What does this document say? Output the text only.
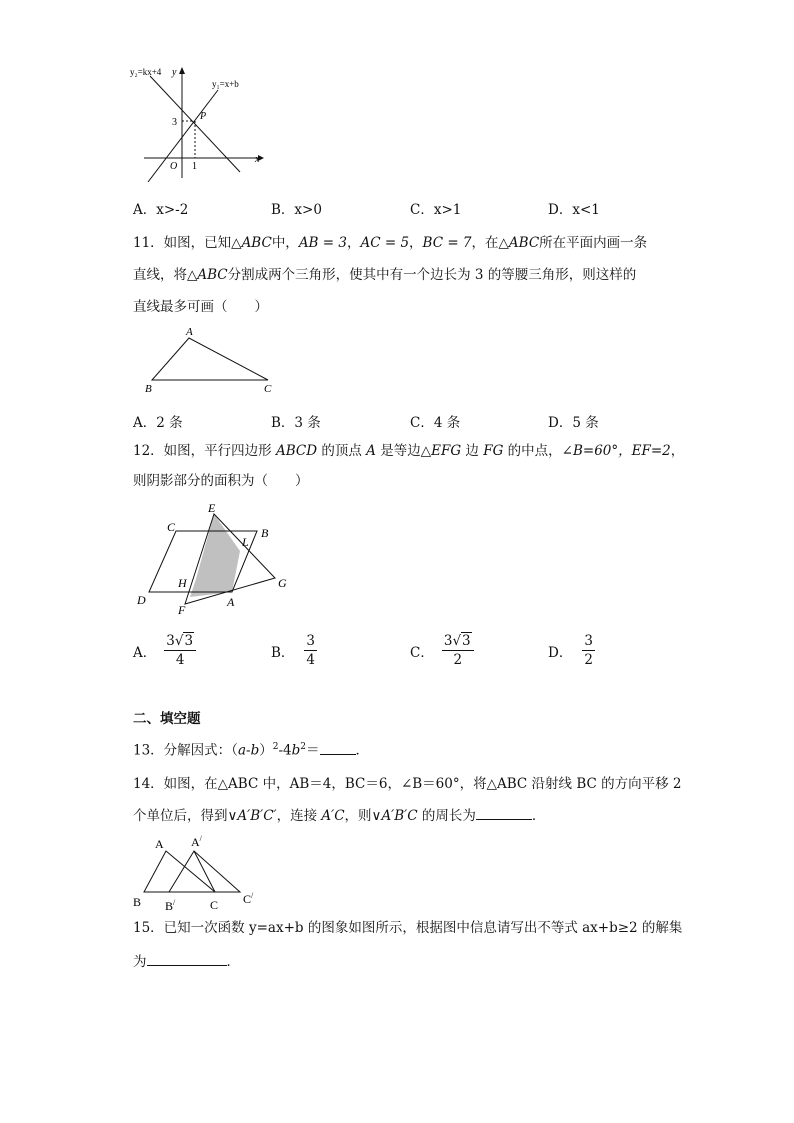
y₂=kx+4 y
y₁=x+b
P
3
O 1
x
A．x>-2	B．x>0	C．x>1	D．x<1
11．如图，已知△ABC中，AB = 3，AC = 5，BC = 7，在△ABC所在平面内画一条
直线，将△ABC分割成两个三角形，使其中有一个边长为 3 的等腰三角形，则这样的
直线最多可画（　　）
A
B	C
A．2 条	B．3 条	C．4 条	D．5 条
12．如图，平行四边形 ABCD 的顶点 A 是等边△EFG 边 FG 的中点，∠B=60°，EF=2，
则阴影部分的面积为（　　）
C
E
B
L
H	G
D
F
A
A． $\frac{3√3}{4}$	B． $\frac{3}{4}$	C． $\frac{3√3}{2}$	D． $\frac{3}{2}$
二、填空题
13．分解因式：$(a-b)^2-4b^2=$	．
14．如图，在△ABC 中，AB＝4，BC＝6，∠B＝60°，将△ABC 沿射线 BC 的方向平移 2
个单位后，得到∨A′B′C′，连接 A′C，则∨A′B′C 的周长为	．
A A/
B B/	C C/
15．已知一次函数 y=ax+b 的图象如图所示，根据图中信息请写出不等式 ax+b≥2 的解集
为	．
